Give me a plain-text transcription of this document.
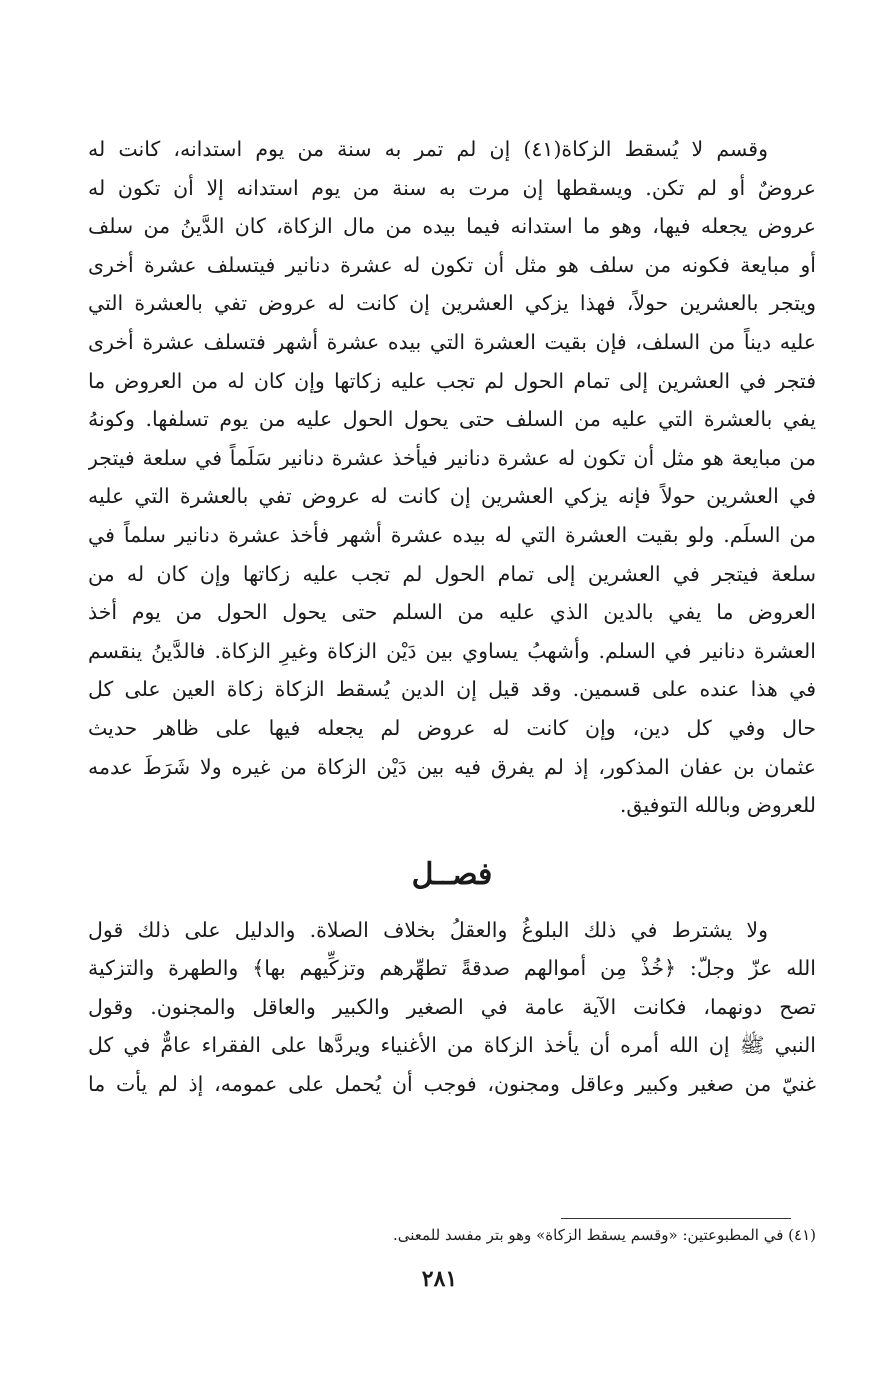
وقسم لا يُسقط الزكاة(٤١) إن لم تمر به سنة من يوم استدانه، كانت له
عروضٌ أو لم تكن. ويسقطها إن مرت به سنة من يوم استدانه إلا أن تكون له
عروض يجعله فيها، وهو ما استدانه فيما بيده من مال الزكاة، كان الدَّينُ من سلف
أو مبايعة فكونه من سلف هو مثل أن تكون له عشرة دنانير فيتسلف عشرة أخرى
ويتجر بالعشرين حولاً، فهذا يزكي العشرين إن كانت له عروض تفي بالعشرة التي
عليه ديناً من السلف، فإن بقيت العشرة التي بيده عشرة أشهر فتسلف عشرة أخرى
فتجر في العشرين إلى تمام الحول لم تجب عليه زكاتها وإن كان له من العروض ما
يفي بالعشرة التي عليه من السلف حتى يحول الحول عليه من يوم تسلفها. وكونهُ
من مبايعة هو مثل أن تكون له عشرة دنانير فيأخذ عشرة دنانير سَلَماً في سلعة فيتجر
في العشرين حولاً فإنه يزكي العشرين إن كانت له عروض تفي بالعشرة التي عليه
من السلَم. ولو بقيت العشرة التي له بيده عشرة أشهر فأخذ عشرة دنانير سلماً في
سلعة فيتجر في العشرين إلى تمام الحول لم تجب عليه زكاتها وإن كان له من
العروض ما يفي بالدين الذي عليه من السلم حتى يحول الحول من يوم أخذ
العشرة دنانير في السلم. وأشهبُ يساوي بين دَيْن الزكاة وغيرِ الزكاة. فالدَّينُ ينقسم
في هذا عنده على قسمين. وقد قيل إن الدين يُسقط الزكاة زكاة العين على كل
حال وفي كل دين، وإن كانت له عروض لم يجعله فيها على ظاهر حديث
عثمان بن عفان المذكور، إذ لم يفرق فيه بين دَيْن الزكاة من غيره ولا شَرَطَ عدمه
للعروض وبالله التوفيق.
فصــل
ولا يشترط في ذلك البلوغُ والعقلُ بخلاف الصلاة. والدليل على ذلك قول
الله عزّ وجلّ: ﴿خُذْ مِن أموالهم صدقةً تطهِّرهم وتزكِّيهم بها﴾ والطهرة والتزكية
تصح دونهما، فكانت الآية عامة في الصغير والكبير والعاقل والمجنون. وقول
النبي ﷺ إن الله أمره أن يأخذ الزكاة من الأغنياء ويردَّها على الفقراء عامٌّ في كل
غنيّ من صغير وكبير وعاقل ومجنون، فوجب أن يُحمل على عمومه، إذ لم يأت ما
(٤١) في المطبوعتين: «وقسم يسقط الزكاة» وهو بتر مفسد للمعنى.
٢٨١
